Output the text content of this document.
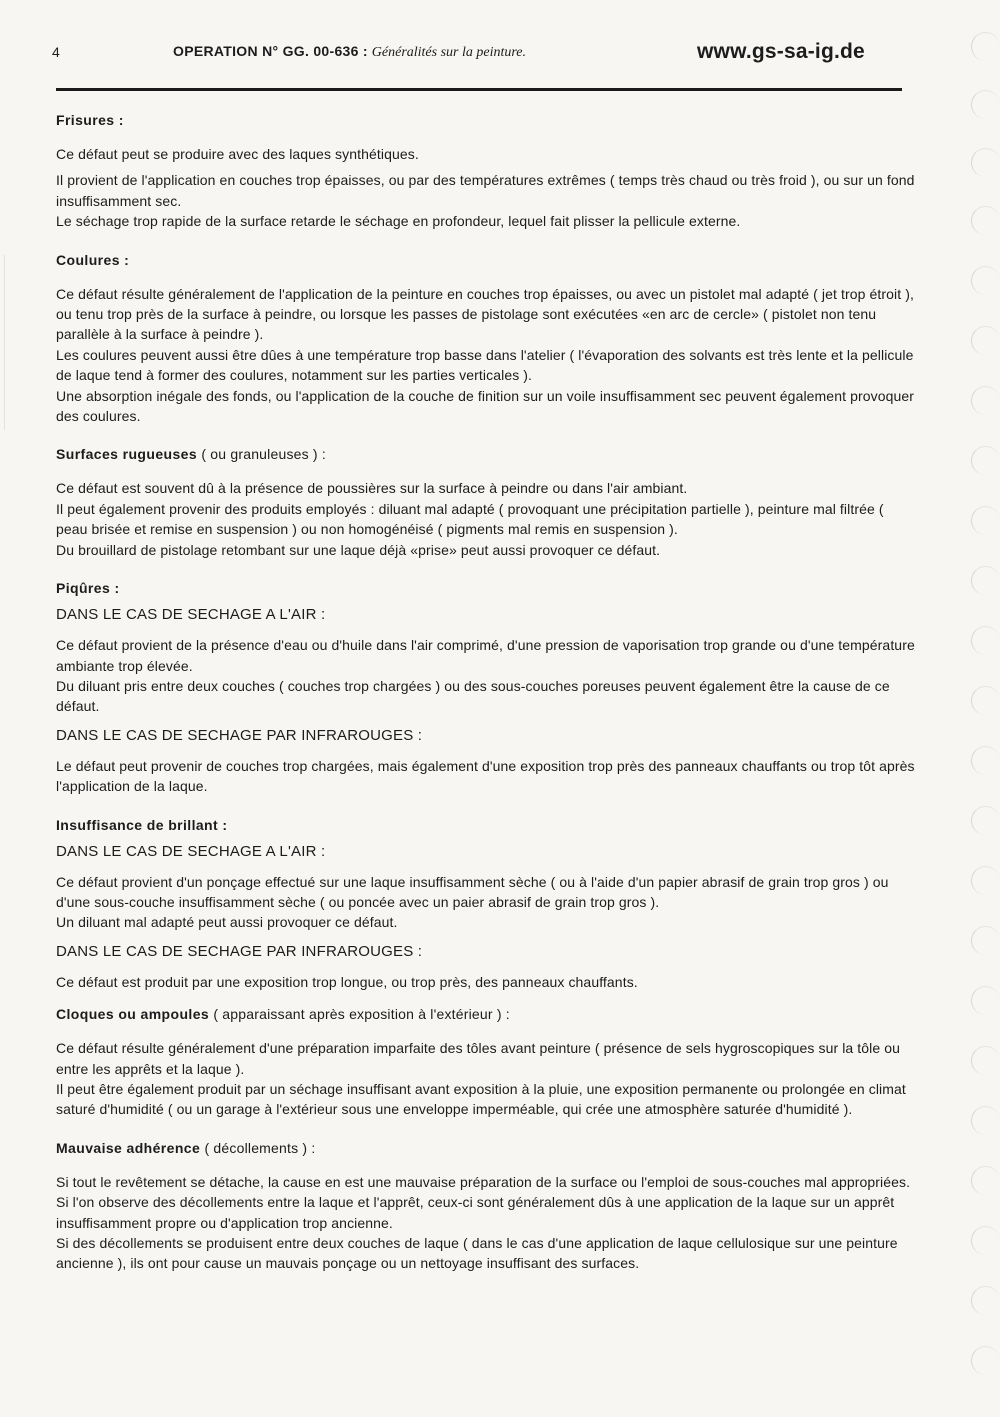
4	OPERATION N° GG. 00-636 : Généralités sur la peinture.	www.gs-sa-ig.de

Frisures :

Ce défaut peut se produire avec des laques synthétiques.

Il provient de l'application en couches trop épaisses, ou par des températures extrêmes ( temps très chaud ou très froid ), ou sur un fond insuffisamment sec.

Le séchage trop rapide de la surface retarde le séchage en profondeur, lequel fait plisser la pellicule externe.

Coulures :

Ce défaut résulte généralement de l'application de la peinture en couches trop épaisses, ou avec un pistolet mal adapté ( jet trop étroit ), ou tenu trop près de la surface à peindre, ou lorsque les passes de pistolage sont exécutées «en arc de cercle» ( pistolet non tenu parallèle à la surface à peindre ).

Les coulures peuvent aussi être dûes à une température trop basse dans l'atelier ( l'évaporation des solvants est très lente et la pellicule de laque tend à former des coulures, notamment sur les parties verticales ).

Une absorption inégale des fonds, ou l'application de la couche de finition sur un voile insuffisamment sec peuvent également provoquer des coulures.

Surfaces rugueuses ( ou granuleuses ) :

Ce défaut est souvent dû à la présence de poussières sur la surface à peindre ou dans l'air ambiant.

Il peut également provenir des produits employés : diluant mal adapté ( provoquant une précipitation partielle ), peinture mal filtrée ( peau brisée et remise en suspension ) ou non homogénéisé ( pigments mal remis en suspension ).

Du brouillard de pistolage retombant sur une laque déjà «prise» peut aussi provoquer ce défaut.

Piqûres :

DANS LE CAS DE SECHAGE A L'AIR :

Ce défaut provient de la présence d'eau ou d'huile dans l'air comprimé, d'une pression de vaporisation trop grande ou d'une température ambiante trop élevée.

Du diluant pris entre deux couches ( couches trop chargées ) ou des sous-couches poreuses peuvent également être la cause de ce défaut.

DANS LE CAS DE SECHAGE PAR INFRAROUGES :

Le défaut peut provenir de couches trop chargées, mais également d'une exposition trop près des panneaux chauffants ou trop tôt après l'application de la laque.

Insuffisance de brillant :

DANS LE CAS DE SECHAGE A L'AIR :

Ce défaut provient d'un ponçage effectué sur une laque insuffisamment sèche ( ou à l'aide d'un papier abrasif de grain trop gros ) ou d'une sous-couche insuffisamment sèche ( ou poncée avec un paier abrasif de grain trop gros ).

Un diluant mal adapté peut aussi provoquer ce défaut.

DANS LE CAS DE SECHAGE PAR INFRAROUGES :

Ce défaut est produit par une exposition trop longue, ou trop près, des panneaux chauffants.

Cloques ou ampoules ( apparaissant après exposition à l'extérieur ) :

Ce défaut résulte généralement d'une préparation imparfaite des tôles avant peinture ( présence de sels hygroscopiques sur la tôle ou entre les apprêts et la laque ).

Il peut être également produit par un séchage insuffisant avant exposition à la pluie, une exposition permanente ou prolongée en climat saturé d'humidité ( ou un garage à l'extérieur sous une enveloppe imperméable, qui crée une atmosphère saturée d'humidité ).

Mauvaise adhérence ( décollements ) :

Si tout le revêtement se détache, la cause en est une mauvaise préparation de la surface ou l'emploi de sous-couches mal appropriées.

Si l'on observe des décollements entre la laque et l'apprêt, ceux-ci sont généralement dûs à une application de la laque sur un apprêt insuffisamment propre ou d'application trop ancienne.

Si des décollements se produisent entre deux couches de laque ( dans le cas d'une application de laque cellulosique sur une peinture ancienne ), ils ont pour cause un mauvais ponçage ou un nettoyage insuffisant des surfaces.
